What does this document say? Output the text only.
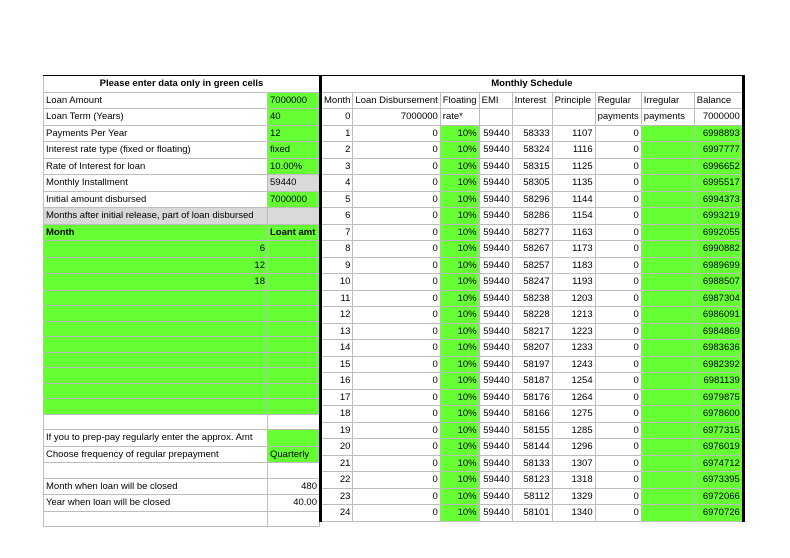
Please enter data only in green cells	
Loan Amount	7000000
Loan Term (Years)	40
Payments Per Year	12
Interest rate type (fixed or floating)	fixed
Rate of Interest for loan	10.00%
Monthly Installment	59440
Initial amount disbursed	7000000
Months after initial release, part of loan disbursed	
Month	Loant amt
6	
12	
18	

If you to prep-pay regularly enter the approx. Amt	
Choose frequency of regular prepayment	Quarterly

Month when loan will be closed	480
Year when loan will be closed	40.00

Monthly Schedule								
Month	Loan Disbursement	Floating	EMI	Interest	Principle	Regular	Irregular	Balance
0	7000000	rate*				payments	payments	7000000
1	0	10%	59440	58333	1107	0		6998893
2	0	10%	59440	58324	1116	0		6997777
3	0	10%	59440	58315	1125	0		6996652
4	0	10%	59440	58305	1135	0		6995517
5	0	10%	59440	58296	1144	0		6994373
6	0	10%	59440	58286	1154	0		6993219
7	0	10%	59440	58277	1163	0		6992055
8	0	10%	59440	58267	1173	0		6990882
9	0	10%	59440	58257	1183	0		6989699
10	0	10%	59440	58247	1193	0		6988507
11	0	10%	59440	58238	1203	0		6987304
12	0	10%	59440	58228	1213	0		6986091
13	0	10%	59440	58217	1223	0		6984869
14	0	10%	59440	58207	1233	0		6983636
15	0	10%	59440	58197	1243	0		6982392
16	0	10%	59440	58187	1254	0		6981139
17	0	10%	59440	58176	1264	0		6979875
18	0	10%	59440	58166	1275	0		6978600
19	0	10%	59440	58155	1285	0		6977315
20	0	10%	59440	58144	1296	0		6976019
21	0	10%	59440	58133	1307	0		6974712
22	0	10%	59440	58123	1318	0		6973395
23	0	10%	59440	58112	1329	0		6972066
24	0	10%	59440	58101	1340	0		6970726
